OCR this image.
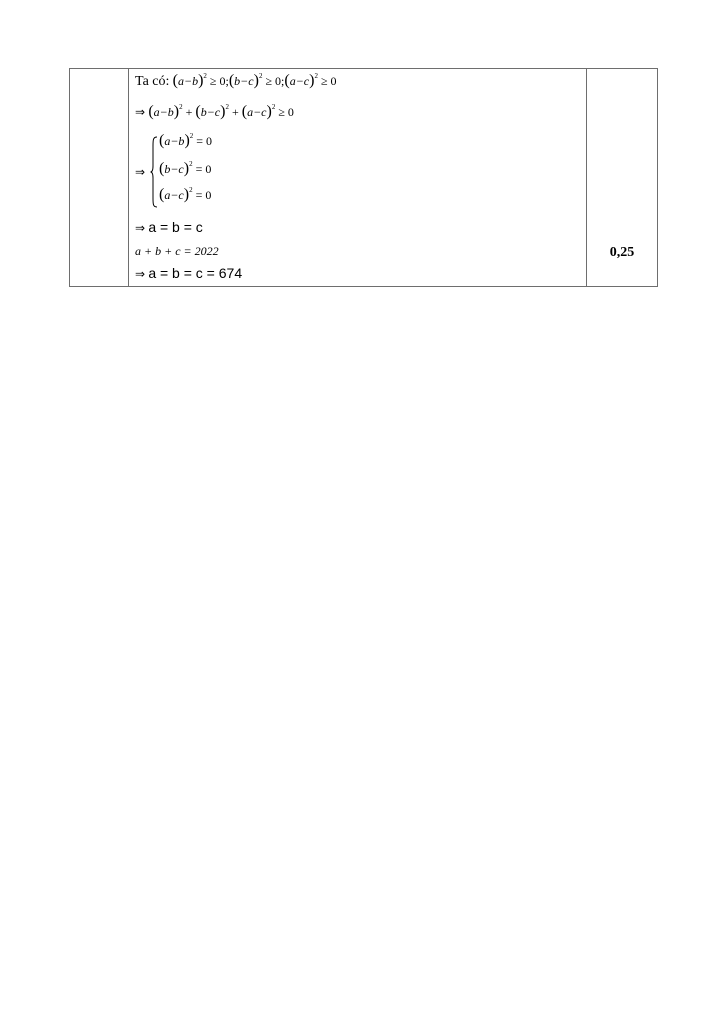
Ta có: $(a-b)^2$ ≥ $0;(b-c)^2$ ≥ $0;(a-c)^2 \ge 0$
⇒ $(a-b)^2 + (b-c)^2 + (a-c)^2 \ge 0$
⇒
$(a-b)^2 = 0$
$(b-c)^2 = 0$
$(a-c)^2 = 0$
⇒ a = b = c
a + b + c = 2022
⇒ a = b = c = 674
0,25
